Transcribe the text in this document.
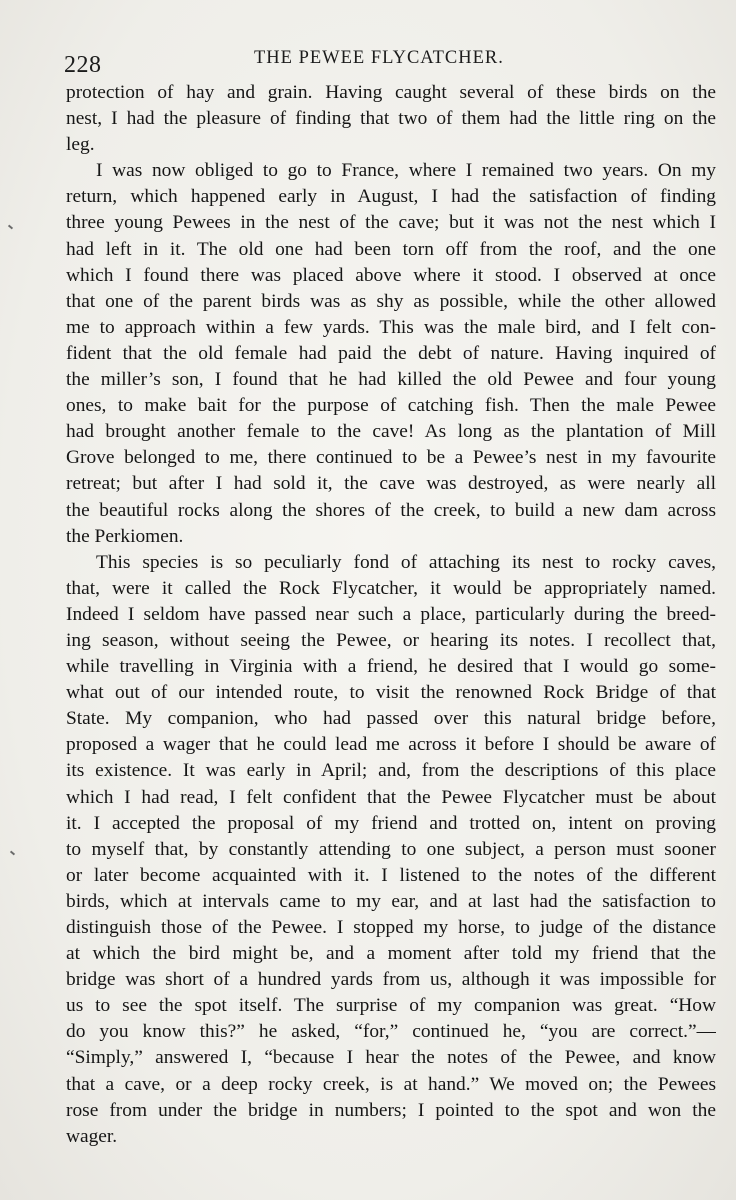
228	THE PEWEE FLYCATCHER.
protection of hay and grain. Having caught several of these birds on the
nest, I had the pleasure of finding that two of them had the little ring on the
leg.
I was now obliged to go to France, where I remained two years. On my
return, which happened early in August, I had the satisfaction of finding
three young Pewees in the nest of the cave; but it was not the nest which I
had left in it. The old one had been torn off from the roof, and the one
which I found there was placed above where it stood. I observed at once
that one of the parent birds was as shy as possible, while the other allowed
me to approach within a few yards. This was the male bird, and I felt con-
fident that the old female had paid the debt of nature. Having inquired of
the miller’s son, I found that he had killed the old Pewee and four young
ones, to make bait for the purpose of catching fish. Then the male Pewee
had brought another female to the cave! As long as the plantation of Mill
Grove belonged to me, there continued to be a Pewee’s nest in my favourite
retreat; but after I had sold it, the cave was destroyed, as were nearly all
the beautiful rocks along the shores of the creek, to build a new dam across
the Perkiomen.
This species is so peculiarly fond of attaching its nest to rocky caves,
that, were it called the Rock Flycatcher, it would be appropriately named.
Indeed I seldom have passed near such a place, particularly during the breed-
ing season, without seeing the Pewee, or hearing its notes. I recollect that,
while travelling in Virginia with a friend, he desired that I would go some-
what out of our intended route, to visit the renowned Rock Bridge of that
State. My companion, who had passed over this natural bridge before,
proposed a wager that he could lead me across it before I should be aware of
its existence. It was early in April; and, from the descriptions of this place
which I had read, I felt confident that the Pewee Flycatcher must be about
it. I accepted the proposal of my friend and trotted on, intent on proving
to myself that, by constantly attending to one subject, a person must sooner
or later become acquainted with it. I listened to the notes of the different
birds, which at intervals came to my ear, and at last had the satisfaction to
distinguish those of the Pewee. I stopped my horse, to judge of the distance
at which the bird might be, and a moment after told my friend that the
bridge was short of a hundred yards from us, although it was impossible for
us to see the spot itself. The surprise of my companion was great. “How
do you know this?” he asked, “for,” continued he, “you are correct.”—
“Simply,” answered I, “because I hear the notes of the Pewee, and know
that a cave, or a deep rocky creek, is at hand.” We moved on; the Pewees
rose from under the bridge in numbers; I pointed to the spot and won the
wager.
